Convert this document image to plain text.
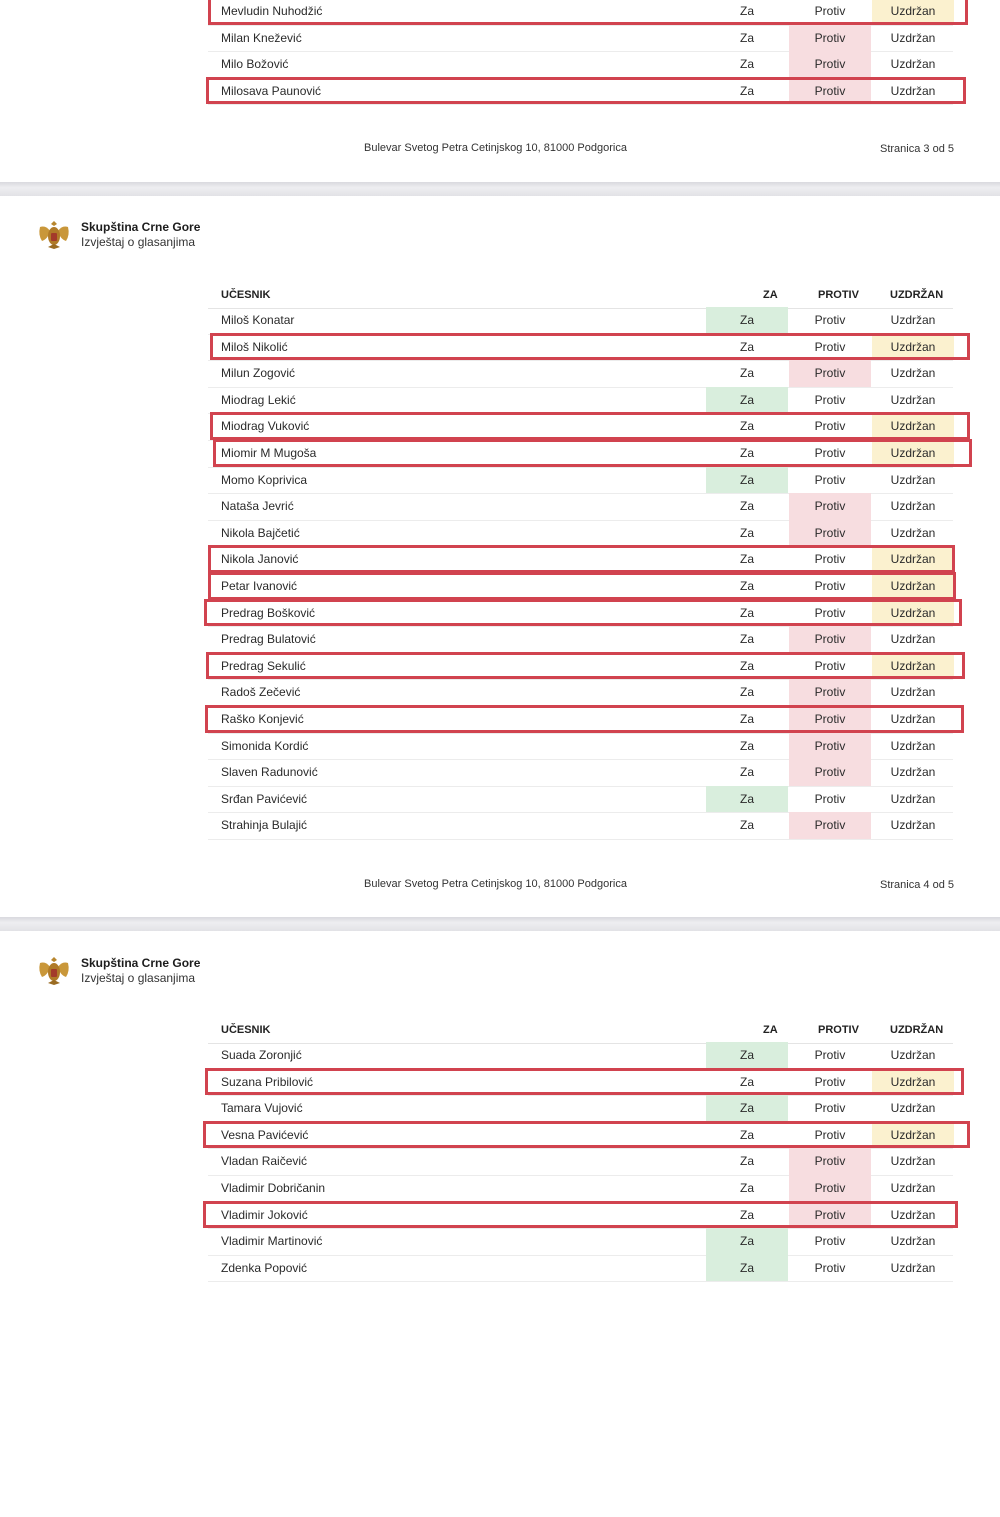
Mevludin Nuhodžić	Za	Protiv	Uzdržan
Milan Knežević	Za	Protiv	Uzdržan
Milo Božović	Za	Protiv	Uzdržan
Milosava Paunović	Za	Protiv	Uzdržan
Bulevar Svetog Petra Cetinjskog 10, 81000 Podgorica	Stranica 3 od 5
Skupština Crne Gore
Izvještaj o glasanjima
UČESNIK	ZA	PROTIV	UZDRŽAN
Miloš Konatar	Za	Protiv	Uzdržan
Miloš Nikolić	Za	Protiv	Uzdržan
Milun Zogović	Za	Protiv	Uzdržan
Miodrag Lekić	Za	Protiv	Uzdržan
Miodrag Vuković	Za	Protiv	Uzdržan
Miomir M Mugoša	Za	Protiv	Uzdržan
Momo Koprivica	Za	Protiv	Uzdržan
Nataša Jevrić	Za	Protiv	Uzdržan
Nikola Bajčetić	Za	Protiv	Uzdržan
Nikola Janović	Za	Protiv	Uzdržan
Petar Ivanović	Za	Protiv	Uzdržan
Predrag Bošković	Za	Protiv	Uzdržan
Predrag Bulatović	Za	Protiv	Uzdržan
Predrag Sekulić	Za	Protiv	Uzdržan
Radoš Zečević	Za	Protiv	Uzdržan
Raško Konjević	Za	Protiv	Uzdržan
Simonida Kordić	Za	Protiv	Uzdržan
Slaven Radunović	Za	Protiv	Uzdržan
Srđan Pavićević	Za	Protiv	Uzdržan
Strahinja Bulajić	Za	Protiv	Uzdržan
Bulevar Svetog Petra Cetinjskog 10, 81000 Podgorica	Stranica 4 od 5
Skupština Crne Gore
Izvještaj o glasanjima
UČESNIK	ZA	PROTIV	UZDRŽAN
Suada Zoronjić	Za	Protiv	Uzdržan
Suzana Pribilović	Za	Protiv	Uzdržan
Tamara Vujović	Za	Protiv	Uzdržan
Vesna Pavićević	Za	Protiv	Uzdržan
Vladan Raičević	Za	Protiv	Uzdržan
Vladimir Dobričanin	Za	Protiv	Uzdržan
Vladimir Joković	Za	Protiv	Uzdržan
Vladimir Martinović	Za	Protiv	Uzdržan
Zdenka Popović	Za	Protiv	Uzdržan
